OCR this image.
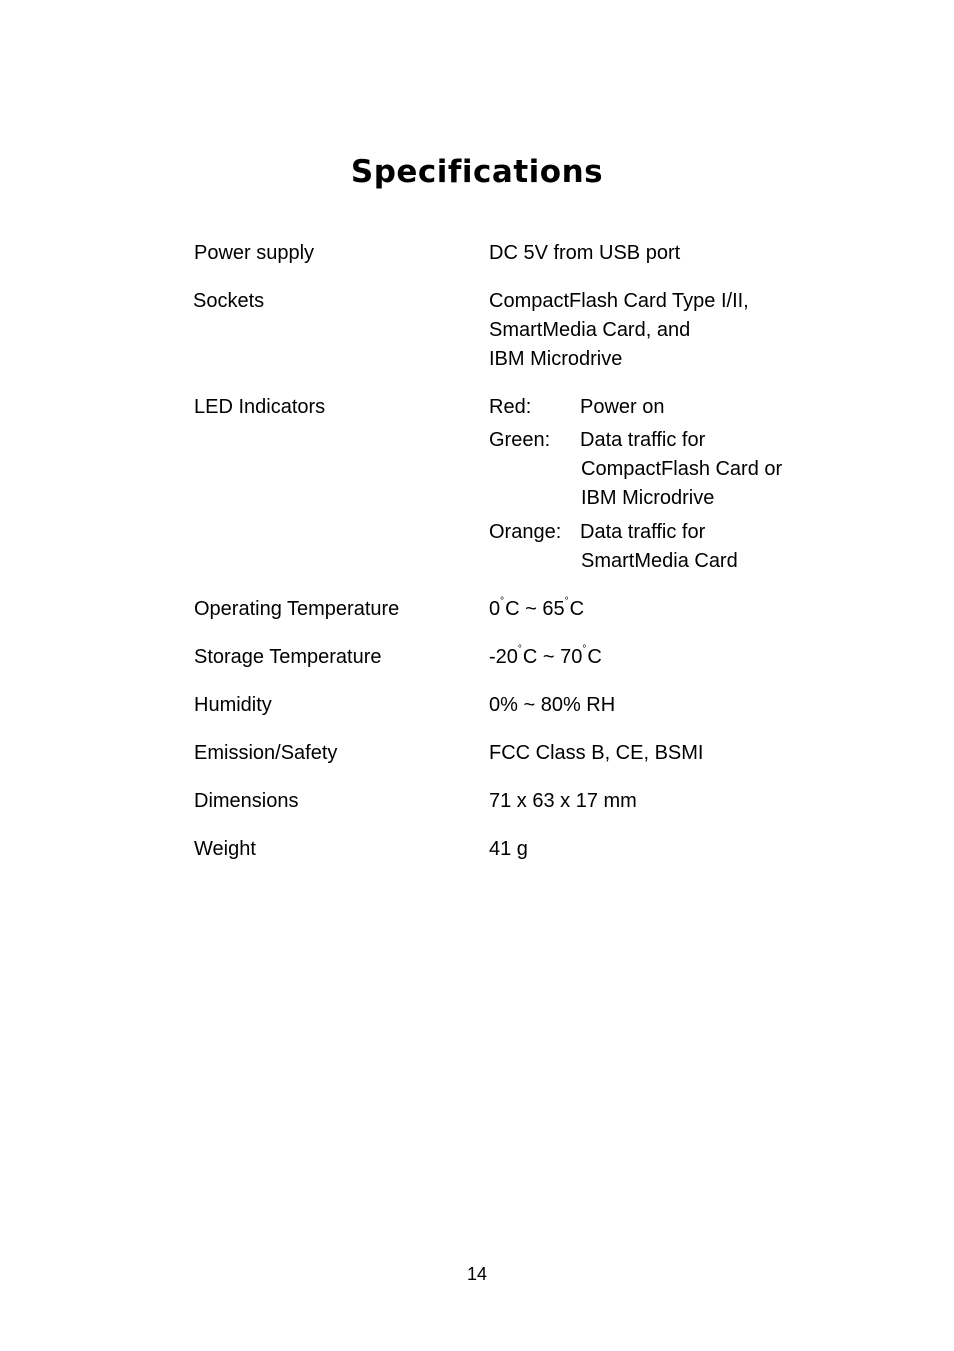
Specifications
Power supply	DC 5V from USB port
Sockets	CompactFlash Card Type I/II,
SmartMedia Card, and
IBM Microdrive
LED Indicators	Red: Power on
Green: Data traffic for
CompactFlash Card or
IBM Microdrive
Orange: Data traffic for
SmartMedia Card
Operating Temperature	0°C ~ 65°C
Storage Temperature	-20°C ~ 70°C
Humidity	0% ~ 80% RH
Emission/Safety	FCC Class B, CE, BSMI
Dimensions	71 x 63 x 17 mm
Weight	41 g
14
